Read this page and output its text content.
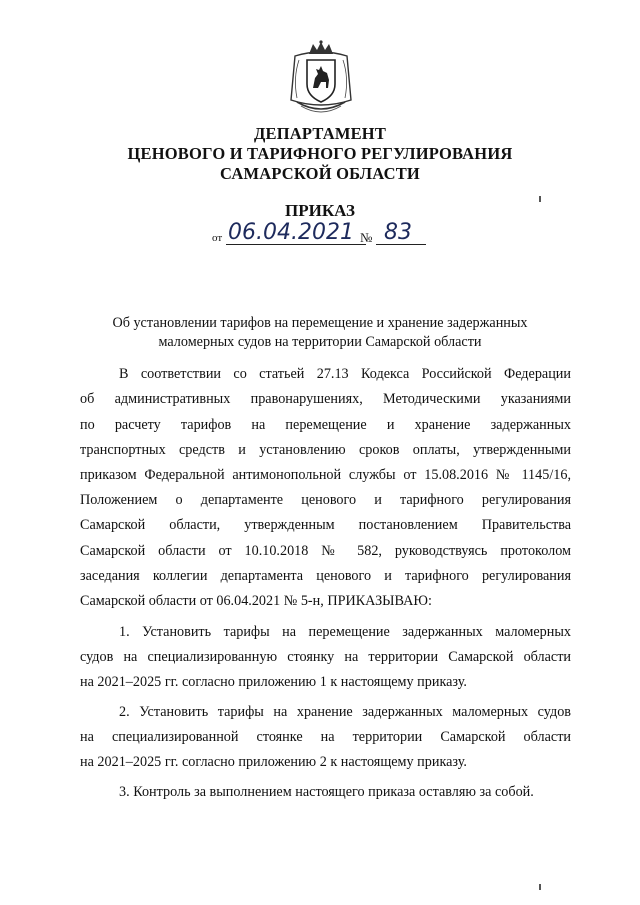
ДЕПАРТАМЕНТ
ЦЕНОВОГО И ТАРИФНОГО РЕГУЛИРОВАНИЯ
САМАРСКОЙ ОБЛАСТИ
ПРИКАЗ
от 06.04.2021 № 83
Об установлении тарифов на перемещение и хранение задержанных
маломерных судов на территории Самарской области
В соответствии со статьей 27.13 Кодекса Российской Федерации
об административных правонарушениях, Методическими указаниями
по расчету тарифов на перемещение и хранение задержанных
транспортных средств и установлению сроков оплаты, утвержденными
приказом Федеральной антимонопольной службы от 15.08.2016 № 1145/16,
Положением о департаменте ценового и тарифного регулирования
Самарской области, утвержденным постановлением Правительства
Самарской области от 10.10.2018 № 582, руководствуясь протоколом
заседания коллегии департамента ценового и тарифного регулирования
Самарской области от 06.04.2021 № 5-н, ПРИКАЗЫВАЮ:
1. Установить тарифы на перемещение задержанных маломерных
судов на специализированную стоянку на территории Самарской области
на 2021–2025 гг. согласно приложению 1 к настоящему приказу.
2. Установить тарифы на хранение задержанных маломерных судов
на специализированной стоянке на территории Самарской области
на 2021–2025 гг. согласно приложению 2 к настоящему приказу.
3. Контроль за выполнением настоящего приказа оставляю за собой.
